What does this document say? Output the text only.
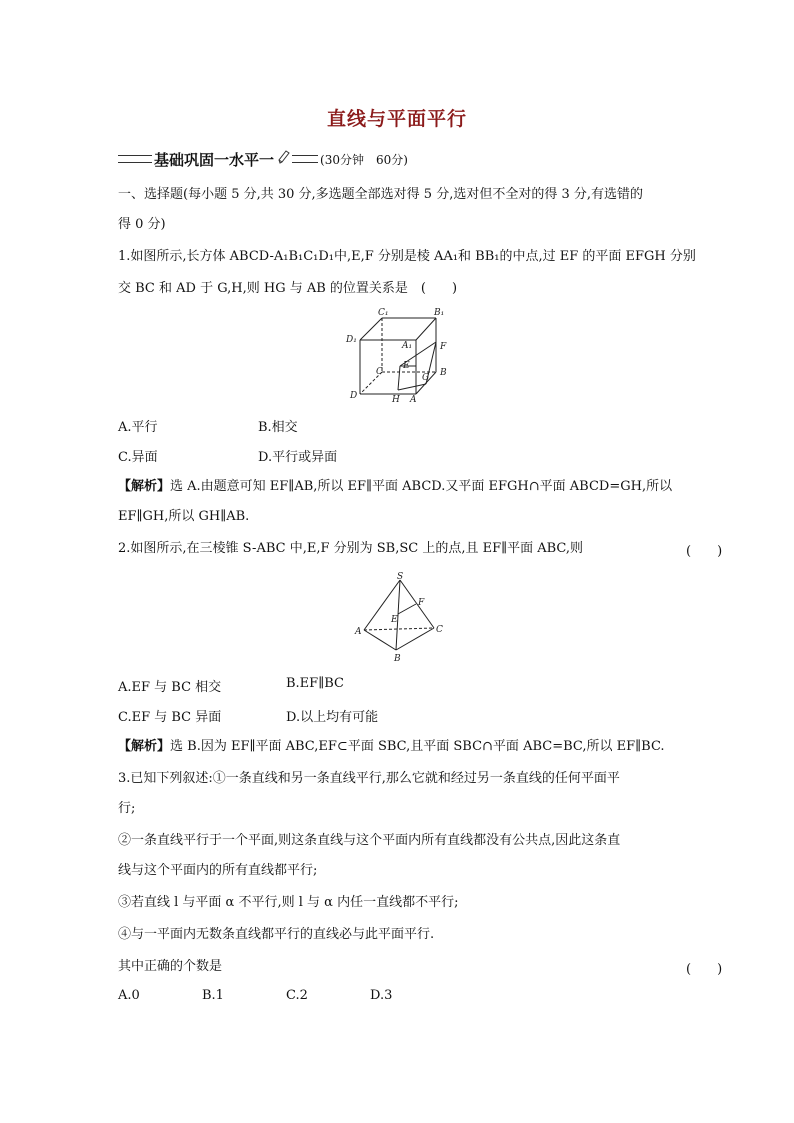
直线与平面平行
基础巩固一水平一	(30分钟　60分)
一、选择题(每小题 5 分,共 30 分,多选题全部选对得 5 分,选对但不全对的得 3 分,有选错的
得 0 分)
1.如图所示,长方体 ABCD-A₁B₁C₁D₁中,E,F 分别是棱 AA₁和 BB₁的中点,过 EF 的平面 EFGH 分别
交 BC 和 AD 于 G,H,则 HG 与 AB 的位置关系是　(　　)
C₁	B₁
D₁
A₁	F
E
C
G B
D	H A
A.平行	B.相交
C.异面	D.平行或异面
【解析】选 A.由题意可知 EF∥AB,所以 EF∥平面 ABCD.又平面 EFGH∩平面 ABCD=GH,所以
EF∥GH,所以 GH∥AB.
2.如图所示,在三棱锥 S-ABC 中,E,F 分别为 SB,SC 上的点,且 EF∥平面 ABC,则	(　　)
S
F
E
A	C
B
A.EF 与 BC 相交	B.EF∥BC
C.EF 与 BC 异面	D.以上均有可能
【解析】选 B.因为 EF∥平面 ABC,EF⊂平面 SBC,且平面 SBC∩平面 ABC=BC,所以 EF∥BC.
3.已知下列叙述:①一条直线和另一条直线平行,那么它就和经过另一条直线的任何平面平
行;
②一条直线平行于一个平面,则这条直线与这个平面内所有直线都没有公共点,因此这条直
线与这个平面内的所有直线都平行;
③若直线 l 与平面 α 不平行,则 l 与 α 内任一直线都不平行;
④与一平面内无数条直线都平行的直线必与此平面平行.
其中正确的个数是	(　　)
A.0	B.1	C.2	D.3
